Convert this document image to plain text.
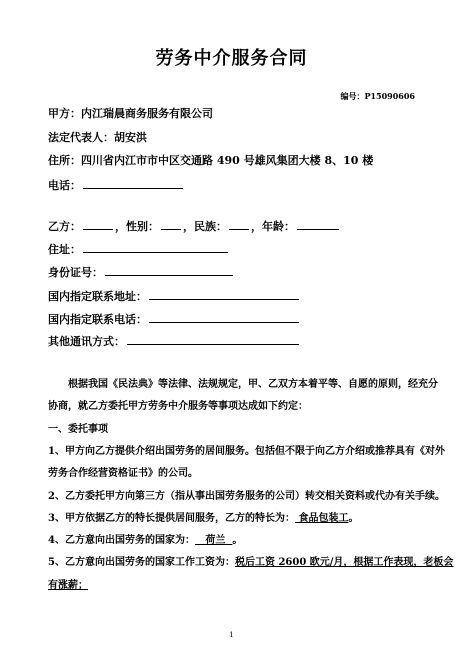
劳务中介服务合同
编号：P15090606
甲方：内江瑞晨商务服务有限公司
法定代表人：胡安洪
住所：四川省内江市市中区交通路 490 号雄风集团大楼 8、10 楼
电话：
乙方：	，性别： ，民族： ，年龄：
住址：
身份证号：
国内指定联系地址：
国内指定联系电话：
其他通讯方式：
根据我国《民法典》等法律、法规规定，甲、乙双方本着平等、自愿的原则，经充分
协商，就乙方委托甲方劳务中介服务等事项达成如下约定：
一、委托事项
1、甲方向乙方提供介绍出国劳务的居间服务。包括但不限于向乙方介绍或推荐具有《对外
劳务合作经营资格证书》的公司。
2、乙方委托甲方向第三方（指从事出国劳务服务的公司）转交相关资料或代办有关手续。
3、甲方依据乙方的特长提供居间服务，乙方的特长为： 食品包装工。
4、乙方意向出国劳务的国家为： 荷兰 。
5、乙方意向出国劳务的国家工作工资为：税后工资 2600 欧元/月，根据工作表现，老板会
有涨薪；
1
